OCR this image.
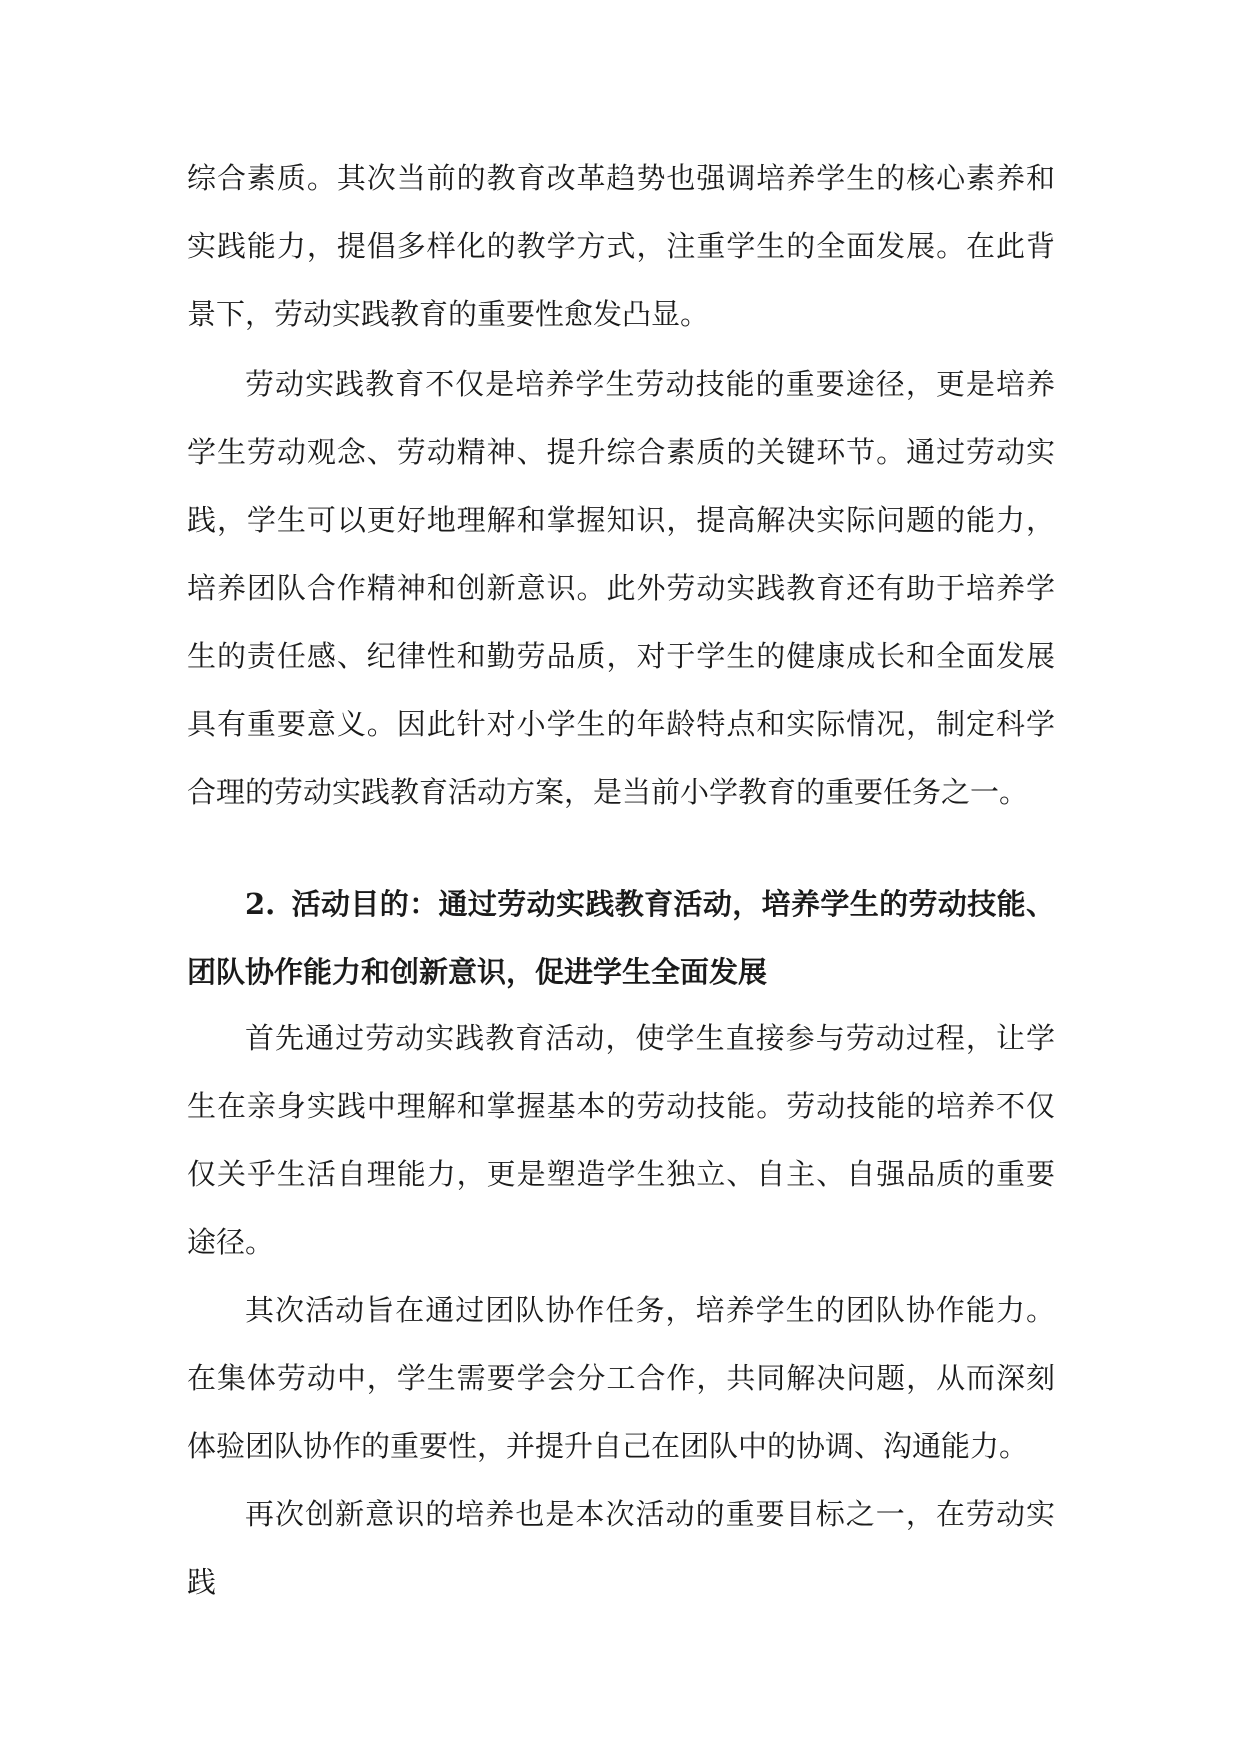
综合素质。其次当前的教育改革趋势也强调培养学生的核心素养和实践能力，提倡多样化的教学方式，注重学生的全面发展。在此背景下，劳动实践教育的重要性愈发凸显。

劳动实践教育不仅是培养学生劳动技能的重要途径，更是培养学生劳动观念、劳动精神、提升综合素质的关键环节。通过劳动实践，学生可以更好地理解和掌握知识，提高解决实际问题的能力，培养团队合作精神和创新意识。此外劳动实践教育还有助于培养学生的责任感、纪律性和勤劳品质，对于学生的健康成长和全面发展具有重要意义。因此针对小学生的年龄特点和实际情况，制定科学合理的劳动实践教育活动方案，是当前小学教育的重要任务之一。

2. 活动目的：通过劳动实践教育活动，培养学生的劳动技能、团队协作能力和创新意识，促进学生全面发展

首先通过劳动实践教育活动，使学生直接参与劳动过程，让学生在亲身实践中理解和掌握基本的劳动技能。劳动技能的培养不仅仅关乎生活自理能力，更是塑造学生独立、自主、自强品质的重要途径。

其次活动旨在通过团队协作任务，培养学生的团队协作能力。在集体劳动中，学生需要学会分工合作，共同解决问题，从而深刻体验团队协作的重要性，并提升自己在团队中的协调、沟通能力。

再次创新意识的培养也是本次活动的重要目标之一，在劳动实践
